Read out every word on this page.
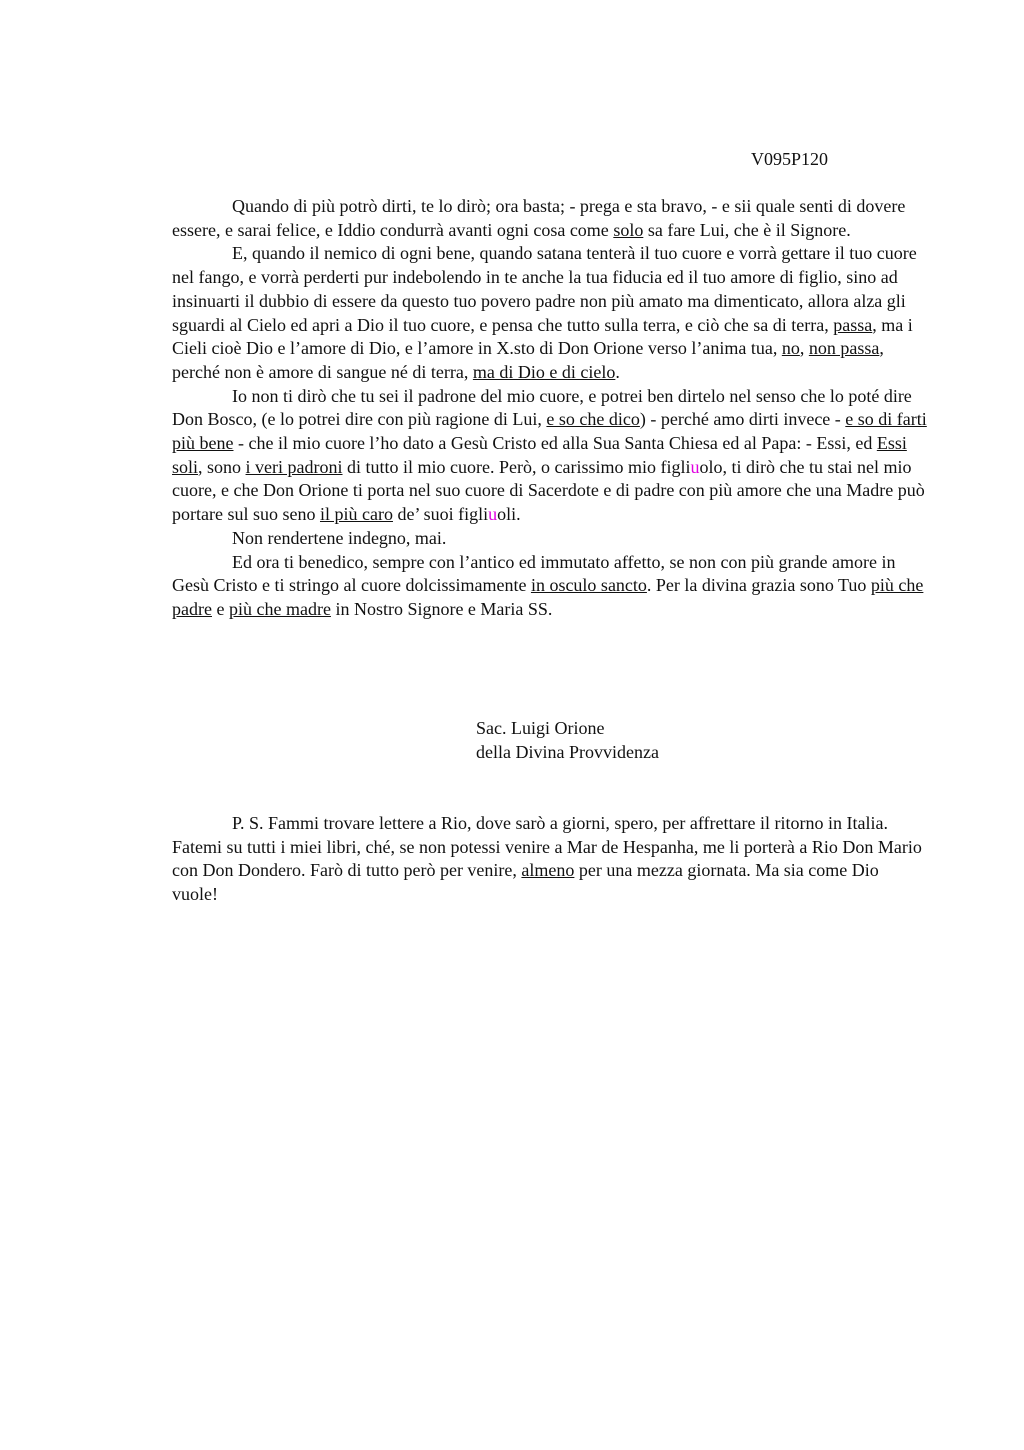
V095P120

Quando di più potrò dirti, te lo dirò; ora basta; - prega e sta bravo, - e sii quale senti di dovere essere, e sarai felice, e Iddio condurrà avanti ogni cosa come solo sa fare Lui, che è il Signore.

E, quando il nemico di ogni bene, quando satana tenterà il tuo cuore e vorrà gettare il tuo cuore nel fango, e vorrà perderti pur indebolendo in te anche la tua fiducia ed il tuo amore di figlio, sino ad insinuarti il dubbio di essere da questo tuo povero padre non più amato ma dimenticato, allora alza gli sguardi al Cielo ed apri a Dio il tuo cuore, e pensa che tutto sulla terra, e ciò che sa di terra, passa, ma i Cieli cioè Dio e l’amore di Dio, e l’amore in X.sto di Don Orione verso l’anima tua, no, non passa, perché non è amore di sangue né di terra, ma di Dio e di cielo.

Io non ti dirò che tu sei il padrone del mio cuore, e potrei ben dirtelo nel senso che lo poté dire Don Bosco, (e lo potrei dire con più ragione di Lui, e so che dico) - perché amo dirti invece - e so di farti più bene - che il mio cuore l’ho dato a Gesù Cristo ed alla Sua Santa Chiesa ed al Papa: - Essi, ed Essi soli, sono i veri padroni di tutto il mio cuore. Però, o carissimo mio figliuolo, ti dirò che tu stai nel mio cuore, e che Don Orione ti porta nel suo cuore di Sacerdote e di padre con più amore che una Madre può portare sul suo seno il più caro de’ suoi figliuoli.

Non rendertene indegno, mai.

Ed ora ti benedico, sempre con l’antico ed immutato affetto, se non con più grande amore in Gesù Cristo e ti stringo al cuore dolcissimamente in osculo sancto. Per la divina grazia sono Tuo più che padre e più che madre in Nostro Signore e Maria SS.

Sac. Luigi Orione
della Divina Provvidenza

P. S. Fammi trovare lettere a Rio, dove sarò a giorni, spero, per affrettare il ritorno in Italia. Fatemi su tutti i miei libri, ché, se non potessi venire a Mar de Hespanha, me li porterà a Rio Don Mario con Don Dondero. Farò di tutto però per venire, almeno per una mezza giornata. Ma sia come Dio vuole!
